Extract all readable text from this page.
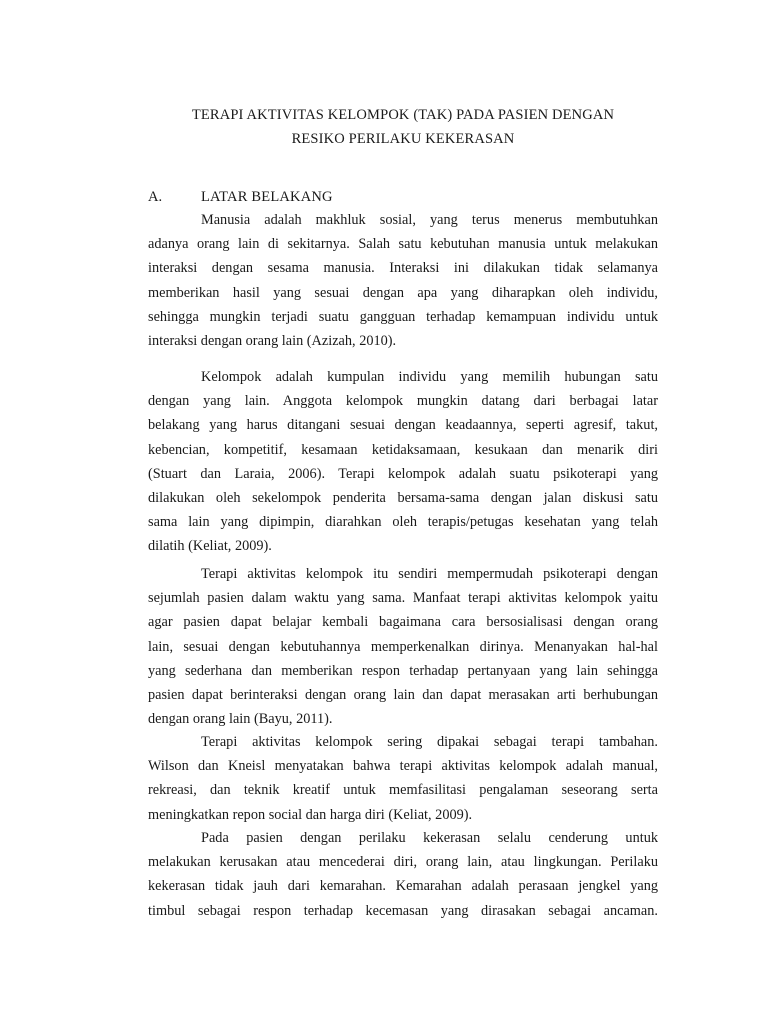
TERAPI AKTIVITAS KELOMPOK (TAK) PADA PASIEN DENGAN
RESIKO PERILAKU KEKERASAN
A.	LATAR BELAKANG
Manusia adalah makhluk sosial, yang terus menerus membutuhkan
adanya orang lain di sekitarnya. Salah satu kebutuhan manusia untuk melakukan
interaksi dengan sesama manusia. Interaksi ini dilakukan tidak selamanya
memberikan hasil yang sesuai dengan apa yang diharapkan oleh individu,
sehingga mungkin terjadi suatu gangguan terhadap kemampuan individu untuk
interaksi dengan orang lain (Azizah, 2010).
Kelompok adalah kumpulan individu yang memilih hubungan satu
dengan yang lain. Anggota kelompok mungkin datang dari berbagai latar
belakang yang harus ditangani sesuai dengan keadaannya, seperti agresif, takut,
kebencian, kompetitif, kesamaan ketidaksamaan, kesukaan dan menarik diri
(Stuart dan Laraia, 2006). Terapi kelompok adalah suatu psikoterapi yang
dilakukan oleh sekelompok penderita bersama-sama dengan jalan diskusi satu
sama lain yang dipimpin, diarahkan oleh terapis/petugas kesehatan yang telah
dilatih (Keliat, 2009).
Terapi aktivitas kelompok itu sendiri mempermudah psikoterapi dengan
sejumlah pasien dalam waktu yang sama. Manfaat terapi aktivitas kelompok yaitu
agar pasien dapat belajar kembali bagaimana cara bersosialisasi dengan orang
lain, sesuai dengan kebutuhannya memperkenalkan dirinya. Menanyakan hal-hal
yang sederhana dan memberikan respon terhadap pertanyaan yang lain sehingga
pasien dapat berinteraksi dengan orang lain dan dapat merasakan arti berhubungan
dengan orang lain (Bayu, 2011).
Terapi aktivitas kelompok sering dipakai sebagai terapi tambahan.
Wilson dan Kneisl menyatakan bahwa terapi aktivitas kelompok adalah manual,
rekreasi, dan teknik kreatif untuk memfasilitasi pengalaman seseorang serta
meningkatkan repon social dan harga diri (Keliat, 2009).
Pada pasien dengan perilaku kekerasan selalu cenderung untuk
melakukan kerusakan atau mencederai diri, orang lain, atau lingkungan. Perilaku
kekerasan tidak jauh dari kemarahan. Kemarahan adalah perasaan jengkel yang
timbul sebagai respon terhadap kecemasan yang dirasakan sebagai ancaman.
